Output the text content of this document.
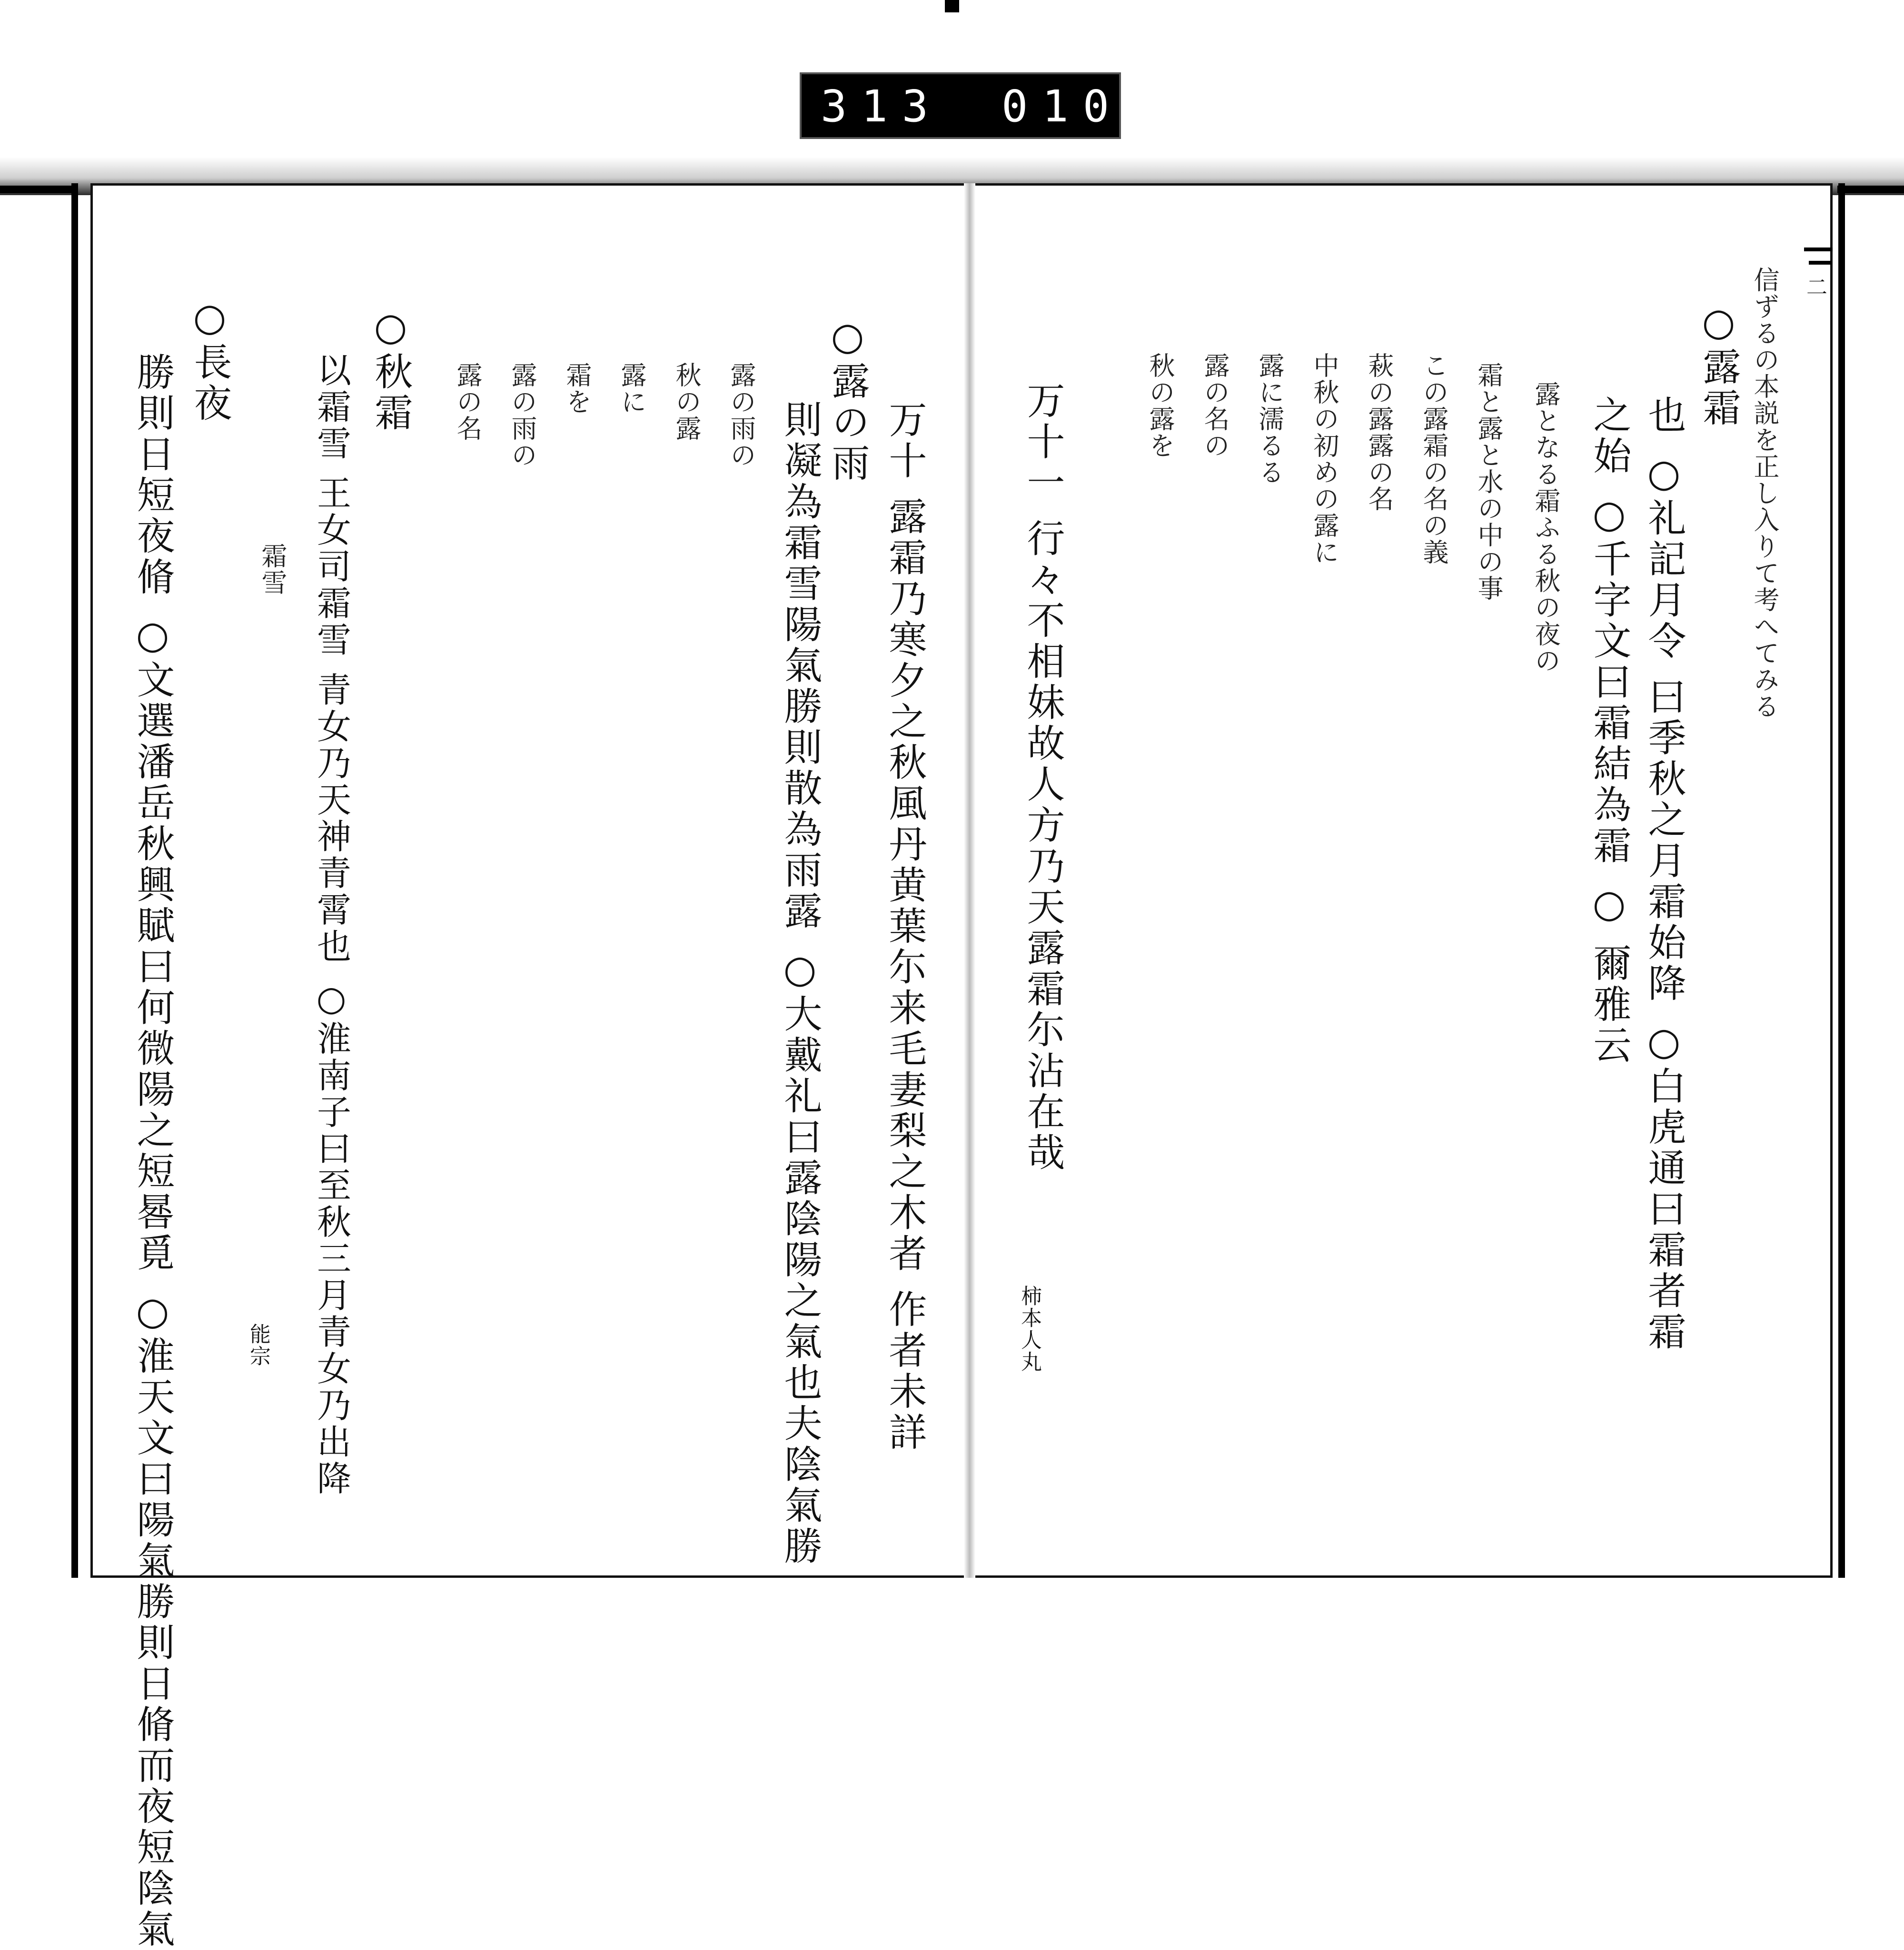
313 010.
二
信ずるの本説を正し入りて考へてみる
○露霜
也 ○礼記月令 曰季秋之月霜始降 ○白虎通曰霜者霜
之始 ○千字文曰霜結為霜 ○ 爾雅云
露となる霜ふる秋の夜の
霜と露と水の中の事
この露霜の名の義
萩の露露の名
中秋の初めの露に
露に濡るる
露の名の
秋の露を
万十一 行々不相妹故人方乃天露霜尓沾在哉
柿本人丸
万十 露霜乃寒夕之秋風丹黄葉尓来毛妻梨之木者 作者未詳
○露の雨
則凝為霜雪陽氣勝則散為雨露 ○大戴礼曰露陰陽之氣也夫陰氣勝
露の雨の
秋の露
露に
霜を
露の雨の
露の名
○秋霜
以霜雪 王女司霜雪 青女乃天神青霄也 ○淮南子曰至秋三月青女乃出降
霜雪
○長夜
勝則日短夜脩 ○文選潘岳秋興賦曰何微陽之短晷覓 ○淮天文曰陽氣勝則日脩而夜短陰氣	能宗
